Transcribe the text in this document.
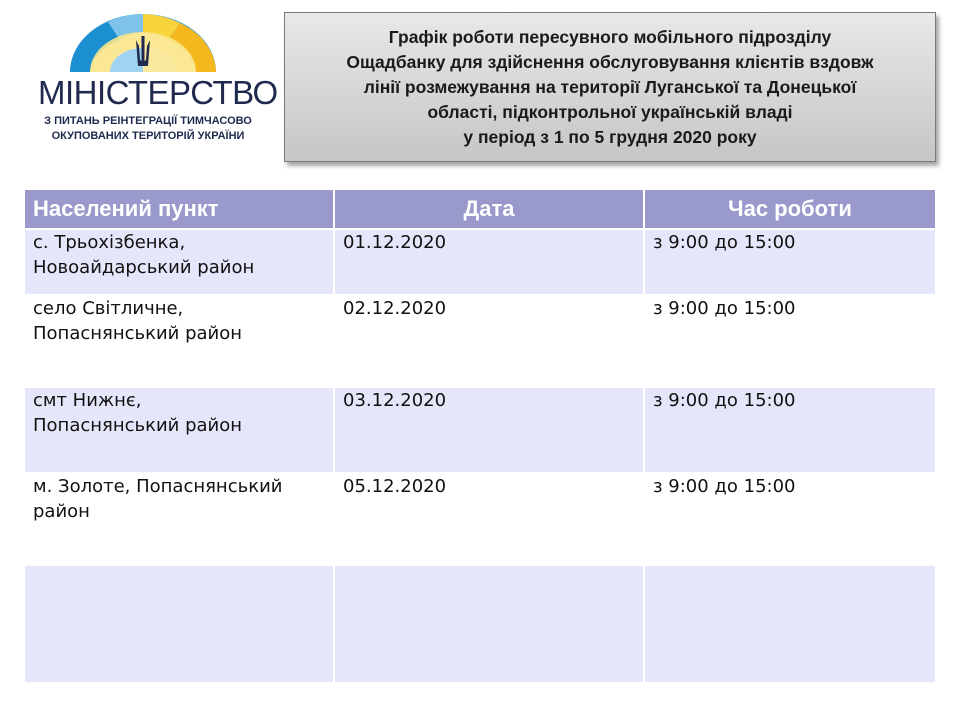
МІНІСТЕРСТВО
З ПИТАНЬ РЕІНТЕГРАЦІЇ ТИМЧАСОВО
ОКУПОВАНИХ ТЕРИТОРІЙ УКРАЇНИ
Графік роботи пересувного мобільного підрозділу
Ощадбанку для здійснення обслуговування клієнтів вздовж
лінії розмежування на території Луганської та Донецької
області, підконтрольної українській владі
у період з 1 по 5 грудня 2020 року
Населений пункт	Дата	Час роботи

с. Трьохізбенка,
Новоайдарський район	01.12.2020	з 9:00 до 15:00

село Світличне,
Попаснянський район	02.12.2020	з 9:00 до 15:00

смт Нижнє,
Попаснянський район	03.12.2020	з 9:00 до 15:00

м. Золоте, Попаснянський
район	05.12.2020	з 9:00 до 15:00
